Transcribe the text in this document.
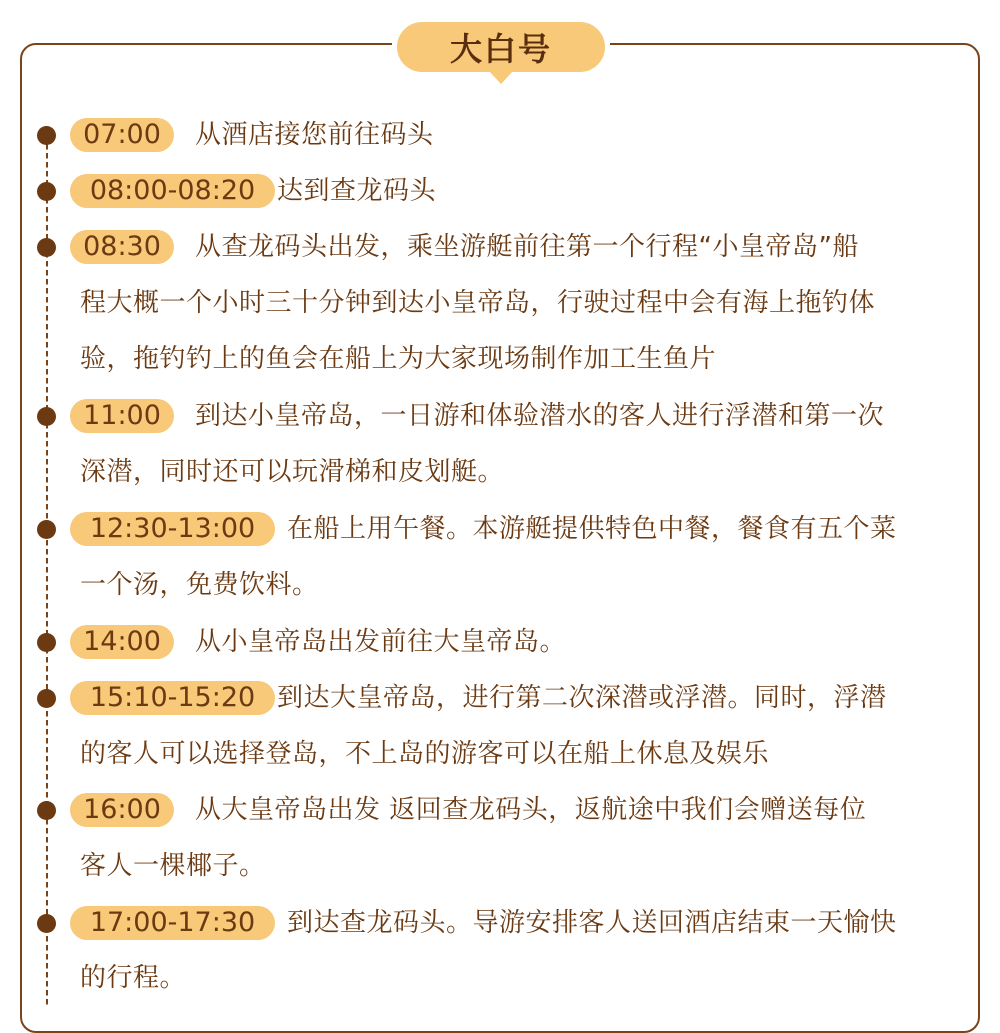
大白号
07:00	从酒店接您前往码头
08:00-08:20 达到查龙码头
08:30	从查龙码头出发，乘坐游艇前往第一个行程“小皇帝岛”船
程大概一个小时三十分钟到达小皇帝岛，行驶过程中会有海上拖钓体
验，拖钓钓上的鱼会在船上为大家现场制作加工生鱼片
11:00	到达小皇帝岛，一日游和体验潜水的客人进行浮潜和第一次
深潜，同时还可以玩滑梯和皮划艇。
12:30-13:00	在船上用午餐。本游艇提供特色中餐，餐食有五个菜
一个汤，免费饮料。
14:00	从小皇帝岛出发前往大皇帝岛。
15:10-15:20 到达大皇帝岛，进行第二次深潜或浮潜。同时，浮潜
的客人可以选择登岛，不上岛的游客可以在船上休息及娱乐
16:00	从大皇帝岛出发 返回查龙码头，返航途中我们会赠送每位
客人一棵椰子。
17:00-17:30	到达查龙码头。导游安排客人送回酒店结束一天愉快
的行程。
